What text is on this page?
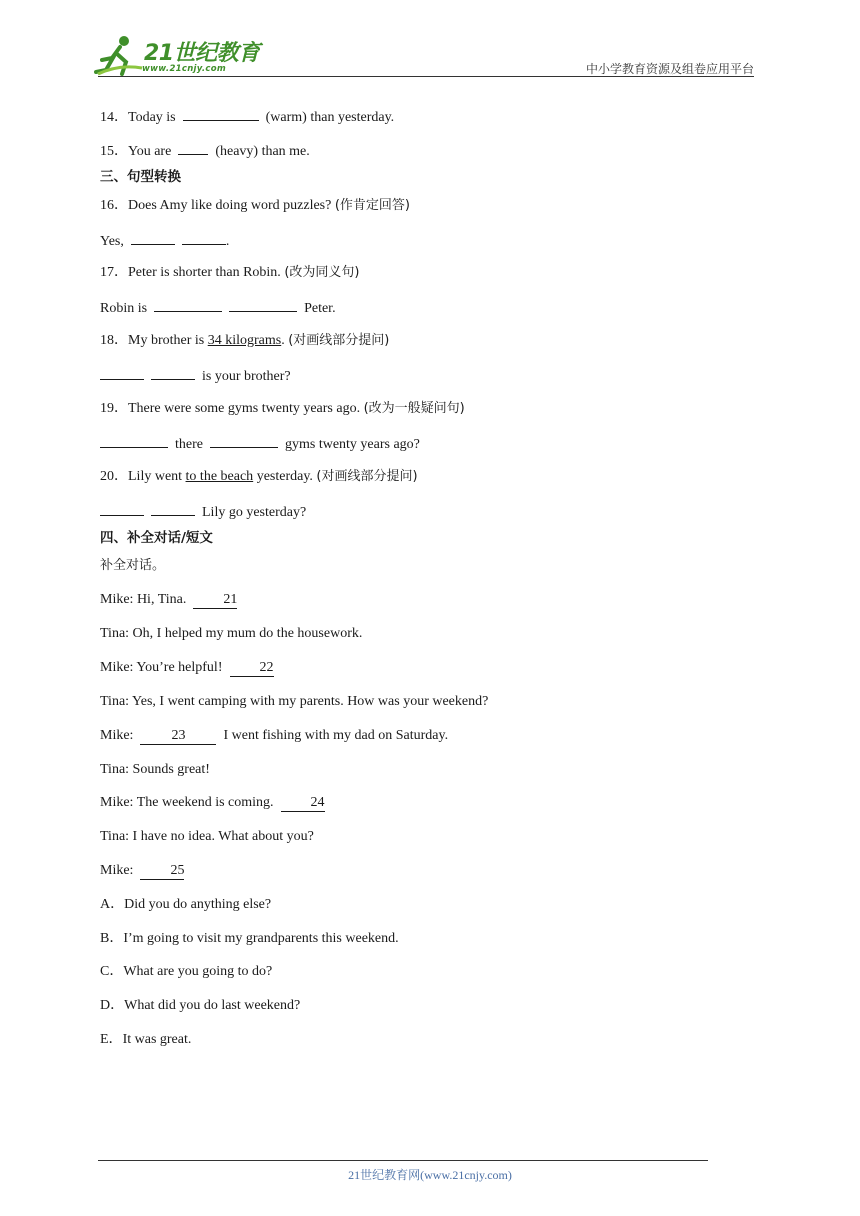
21世纪教育
www.21cnjy.com	中小学教育资源及组卷应用平台
14．Today is	(warm) than yesterday.
15．You are	(heavy) than me.
三、句型转换
16．Does Amy like doing word puzzles? (作肯定回答)
Yes,	.
17．Peter is shorter than Robin. (改为同义句)
Robin is	Peter.
18．My brother is 34 kilograms. (对画线部分提问)
is your brother?
19．There were some gyms twenty years ago. (改为一般疑问句)
there	gyms twenty years ago?
20．Lily went to the beach yesterday. (对画线部分提问)
Lily go yesterday?
四、补全对话/短文
补全对话。
Mike: Hi, Tina.	21
Tina: Oh, I helped my mum do the housework.
Mike: You’re helpful!	22
Tina: Yes, I went camping with my parents. How was your weekend?
Mike:	23	I went fishing with my dad on Saturday.
Tina: Sounds great!
Mike: The weekend is coming.	24
Tina: I have no idea. What about you?
Mike:	25
A．Did you do anything else?
B．I’m going to visit my grandparents this weekend.
C．What are you going to do?
D．What did you do last weekend?
E．It was great.
21世纪教育网(www.21cnjy.com)
